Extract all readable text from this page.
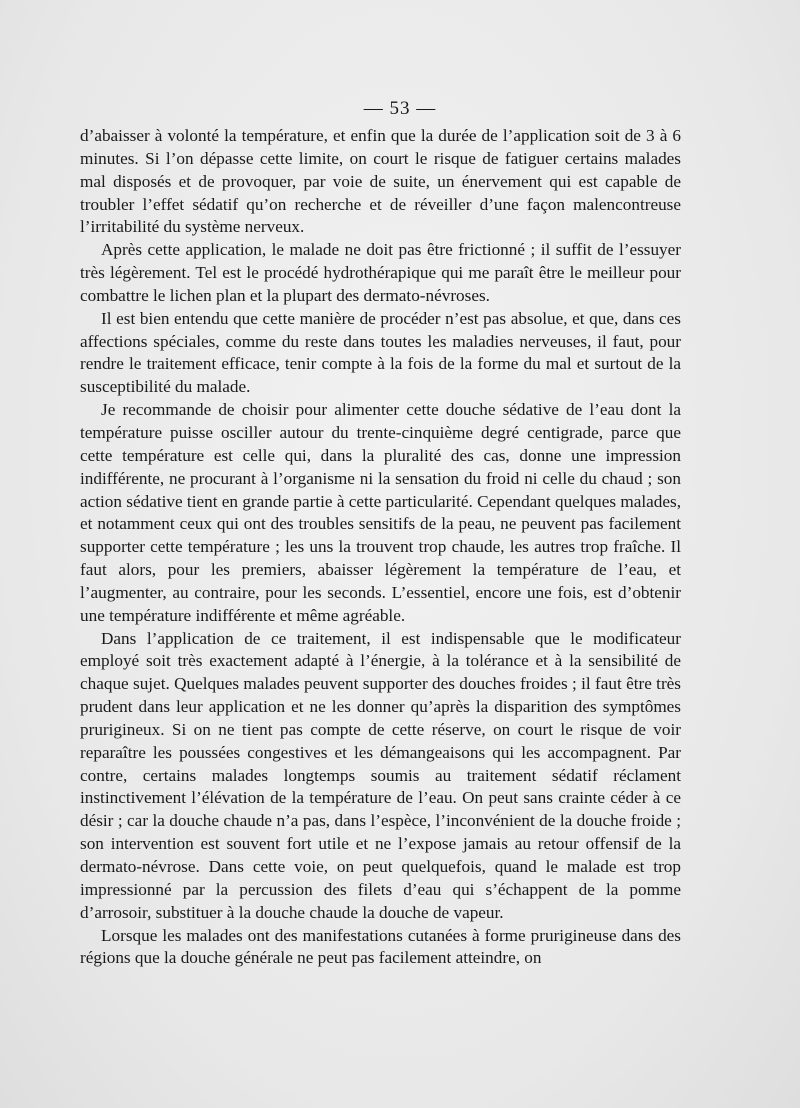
— 53 —

d’abaisser à volonté la température, et enfin que la durée de l’application soit de 3 à 6 minutes. Si l’on dépasse cette limite, on court le risque de fatiguer certains malades mal disposés et de provoquer, par voie de suite, un énervement qui est capable de troubler l’effet sédatif qu’on recherche et de réveiller d’une façon malencontreuse l’irritabilité du système nerveux.

Après cette application, le malade ne doit pas être frictionné ; il suffit de l’essuyer très légèrement. Tel est le procédé hydrothérapique qui me paraît être le meilleur pour combattre le lichen plan et la plupart des dermato-névroses.

Il est bien entendu que cette manière de procéder n’est pas absolue, et que, dans ces affections spéciales, comme du reste dans toutes les maladies nerveuses, il faut, pour rendre le traitement efficace, tenir compte à la fois de la forme du mal et surtout de la susceptibilité du malade.

Je recommande de choisir pour alimenter cette douche sédative de l’eau dont la température puisse osciller autour du trente-cinquième degré centigrade, parce que cette température est celle qui, dans la pluralité des cas, donne une impression indifférente, ne procurant à l’organisme ni la sensation du froid ni celle du chaud ; son action sédative tient en grande partie à cette particularité. Cependant quelques malades, et notamment ceux qui ont des troubles sensitifs de la peau, ne peuvent pas facilement supporter cette température ; les uns la trouvent trop chaude, les autres trop fraîche. Il faut alors, pour les premiers, abaisser légèrement la température de l’eau, et l’augmenter, au contraire, pour les seconds. L’essentiel, encore une fois, est d’obtenir une température indifférente et même agréable.

Dans l’application de ce traitement, il est indispensable que le modificateur employé soit très exactement adapté à l’énergie, à la tolérance et à la sensibilité de chaque sujet. Quelques malades peuvent supporter des douches froides ; il faut être très prudent dans leur application et ne les donner qu’après la disparition des symptômes prurigineux. Si on ne tient pas compte de cette réserve, on court le risque de voir reparaître les poussées congestives et les démangeaisons qui les accompagnent. Par contre, certains malades longtemps soumis au traitement sédatif réclament instinctivement l’élévation de la température de l’eau. On peut sans crainte céder à ce désir ; car la douche chaude n’a pas, dans l’espèce, l’inconvénient de la douche froide ; son intervention est souvent fort utile et ne l’expose jamais au retour offensif de la dermato-névrose. Dans cette voie, on peut quelquefois, quand le malade est trop impressionné par la percussion des filets d’eau qui s’échappent de la pomme d’arrosoir, substituer à la douche chaude la douche de vapeur.

Lorsque les malades ont des manifestations cutanées à forme prurigineuse dans des régions que la douche générale ne peut pas facilement atteindre, on
